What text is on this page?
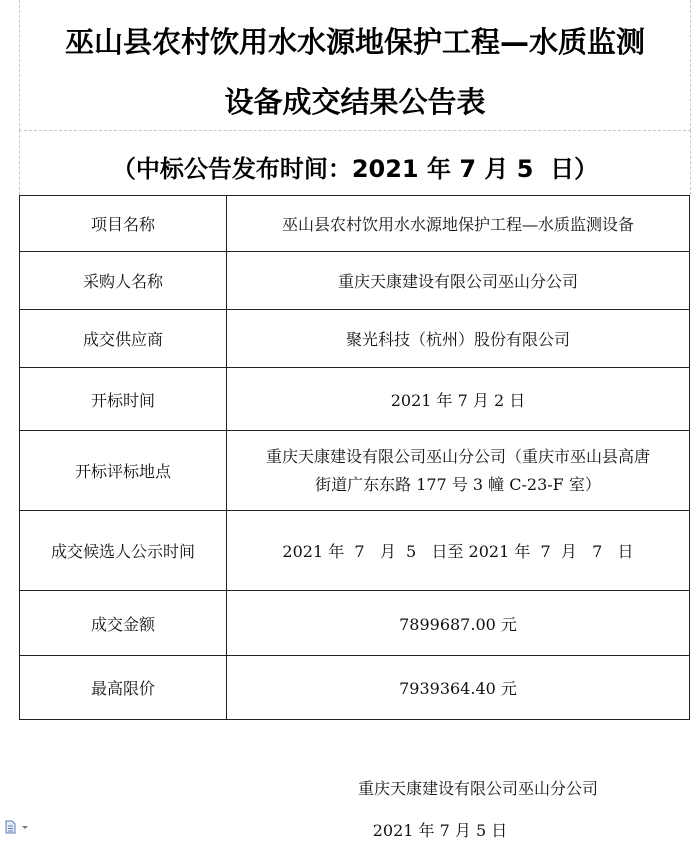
巫山县农村饮用水水源地保护工程—水质监测
设备成交结果公告表
（中标公告发布时间：2021 年 7 月 5  日）
项目名称	巫山县农村饮用水水源地保护工程—水质监测设备
采购人名称	重庆天康建设有限公司巫山分公司
成交供应商	聚光科技（杭州）股份有限公司
开标时间	2021 年 7 月 2 日
开标评标地点	重庆天康建设有限公司巫山分公司（重庆市巫山县高唐
街道广东东路 177 号 3 幢 C-23-F 室）

成交候选人公示时间	2021 年  7   月  5   日至 2021 年  7  月   7   日
成交金额	7899687.00 元
最高限价	7939364.40 元
重庆天康建设有限公司巫山分公司
2021 年 7 月 5 日
